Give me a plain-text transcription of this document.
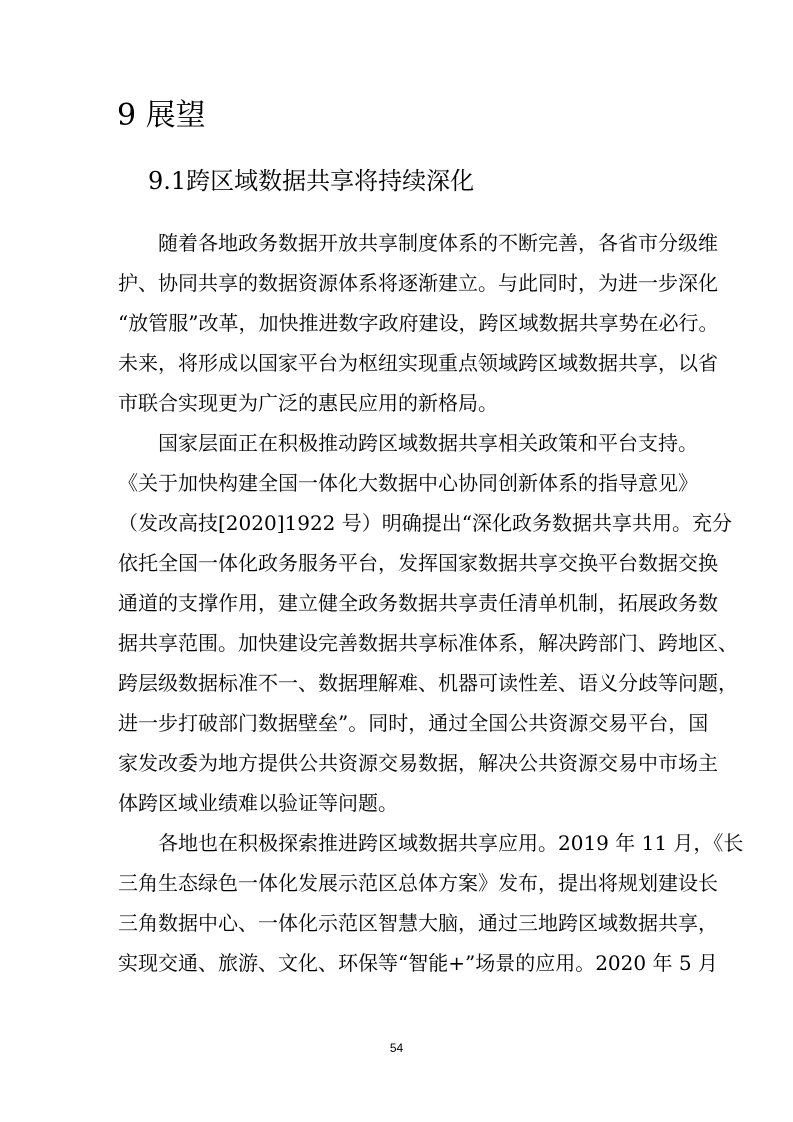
9 展望
9.1跨区域数据共享将持续深化
随着各地政务数据开放共享制度体系的不断完善，各省市分级维
护、协同共享的数据资源体系将逐渐建立。与此同时，为进一步深化
“放管服”改革，加快推进数字政府建设，跨区域数据共享势在必行。
未来，将形成以国家平台为枢纽实现重点领域跨区域数据共享，以省
市联合实现更为广泛的惠民应用的新格局。
国家层面正在积极推动跨区域数据共享相关政策和平台支持。
《关于加快构建全国一体化大数据中心协同创新体系的指导意见》
（发改高技[2020]1922 号）明确提出“深化政务数据共享共用。充分
依托全国一体化政务服务平台，发挥国家数据共享交换平台数据交换
通道的支撑作用，建立健全政务数据共享责任清单机制，拓展政务数
据共享范围。加快建设完善数据共享标准体系，解决跨部门、跨地区、
跨层级数据标准不一、数据理解难、机器可读性差、语义分歧等问题，
进一步打破部门数据壁垒”。同时，通过全国公共资源交易平台，国
家发改委为地方提供公共资源交易数据，解决公共资源交易中市场主
体跨区域业绩难以验证等问题。
各地也在积极探索推进跨区域数据共享应用。2019 年 11 月，《长
三角生态绿色一体化发展示范区总体方案》发布，提出将规划建设长
三角数据中心、一体化示范区智慧大脑，通过三地跨区域数据共享，
实现交通、旅游、文化、环保等“智能+”场景的应用。2020 年 5 月
54
